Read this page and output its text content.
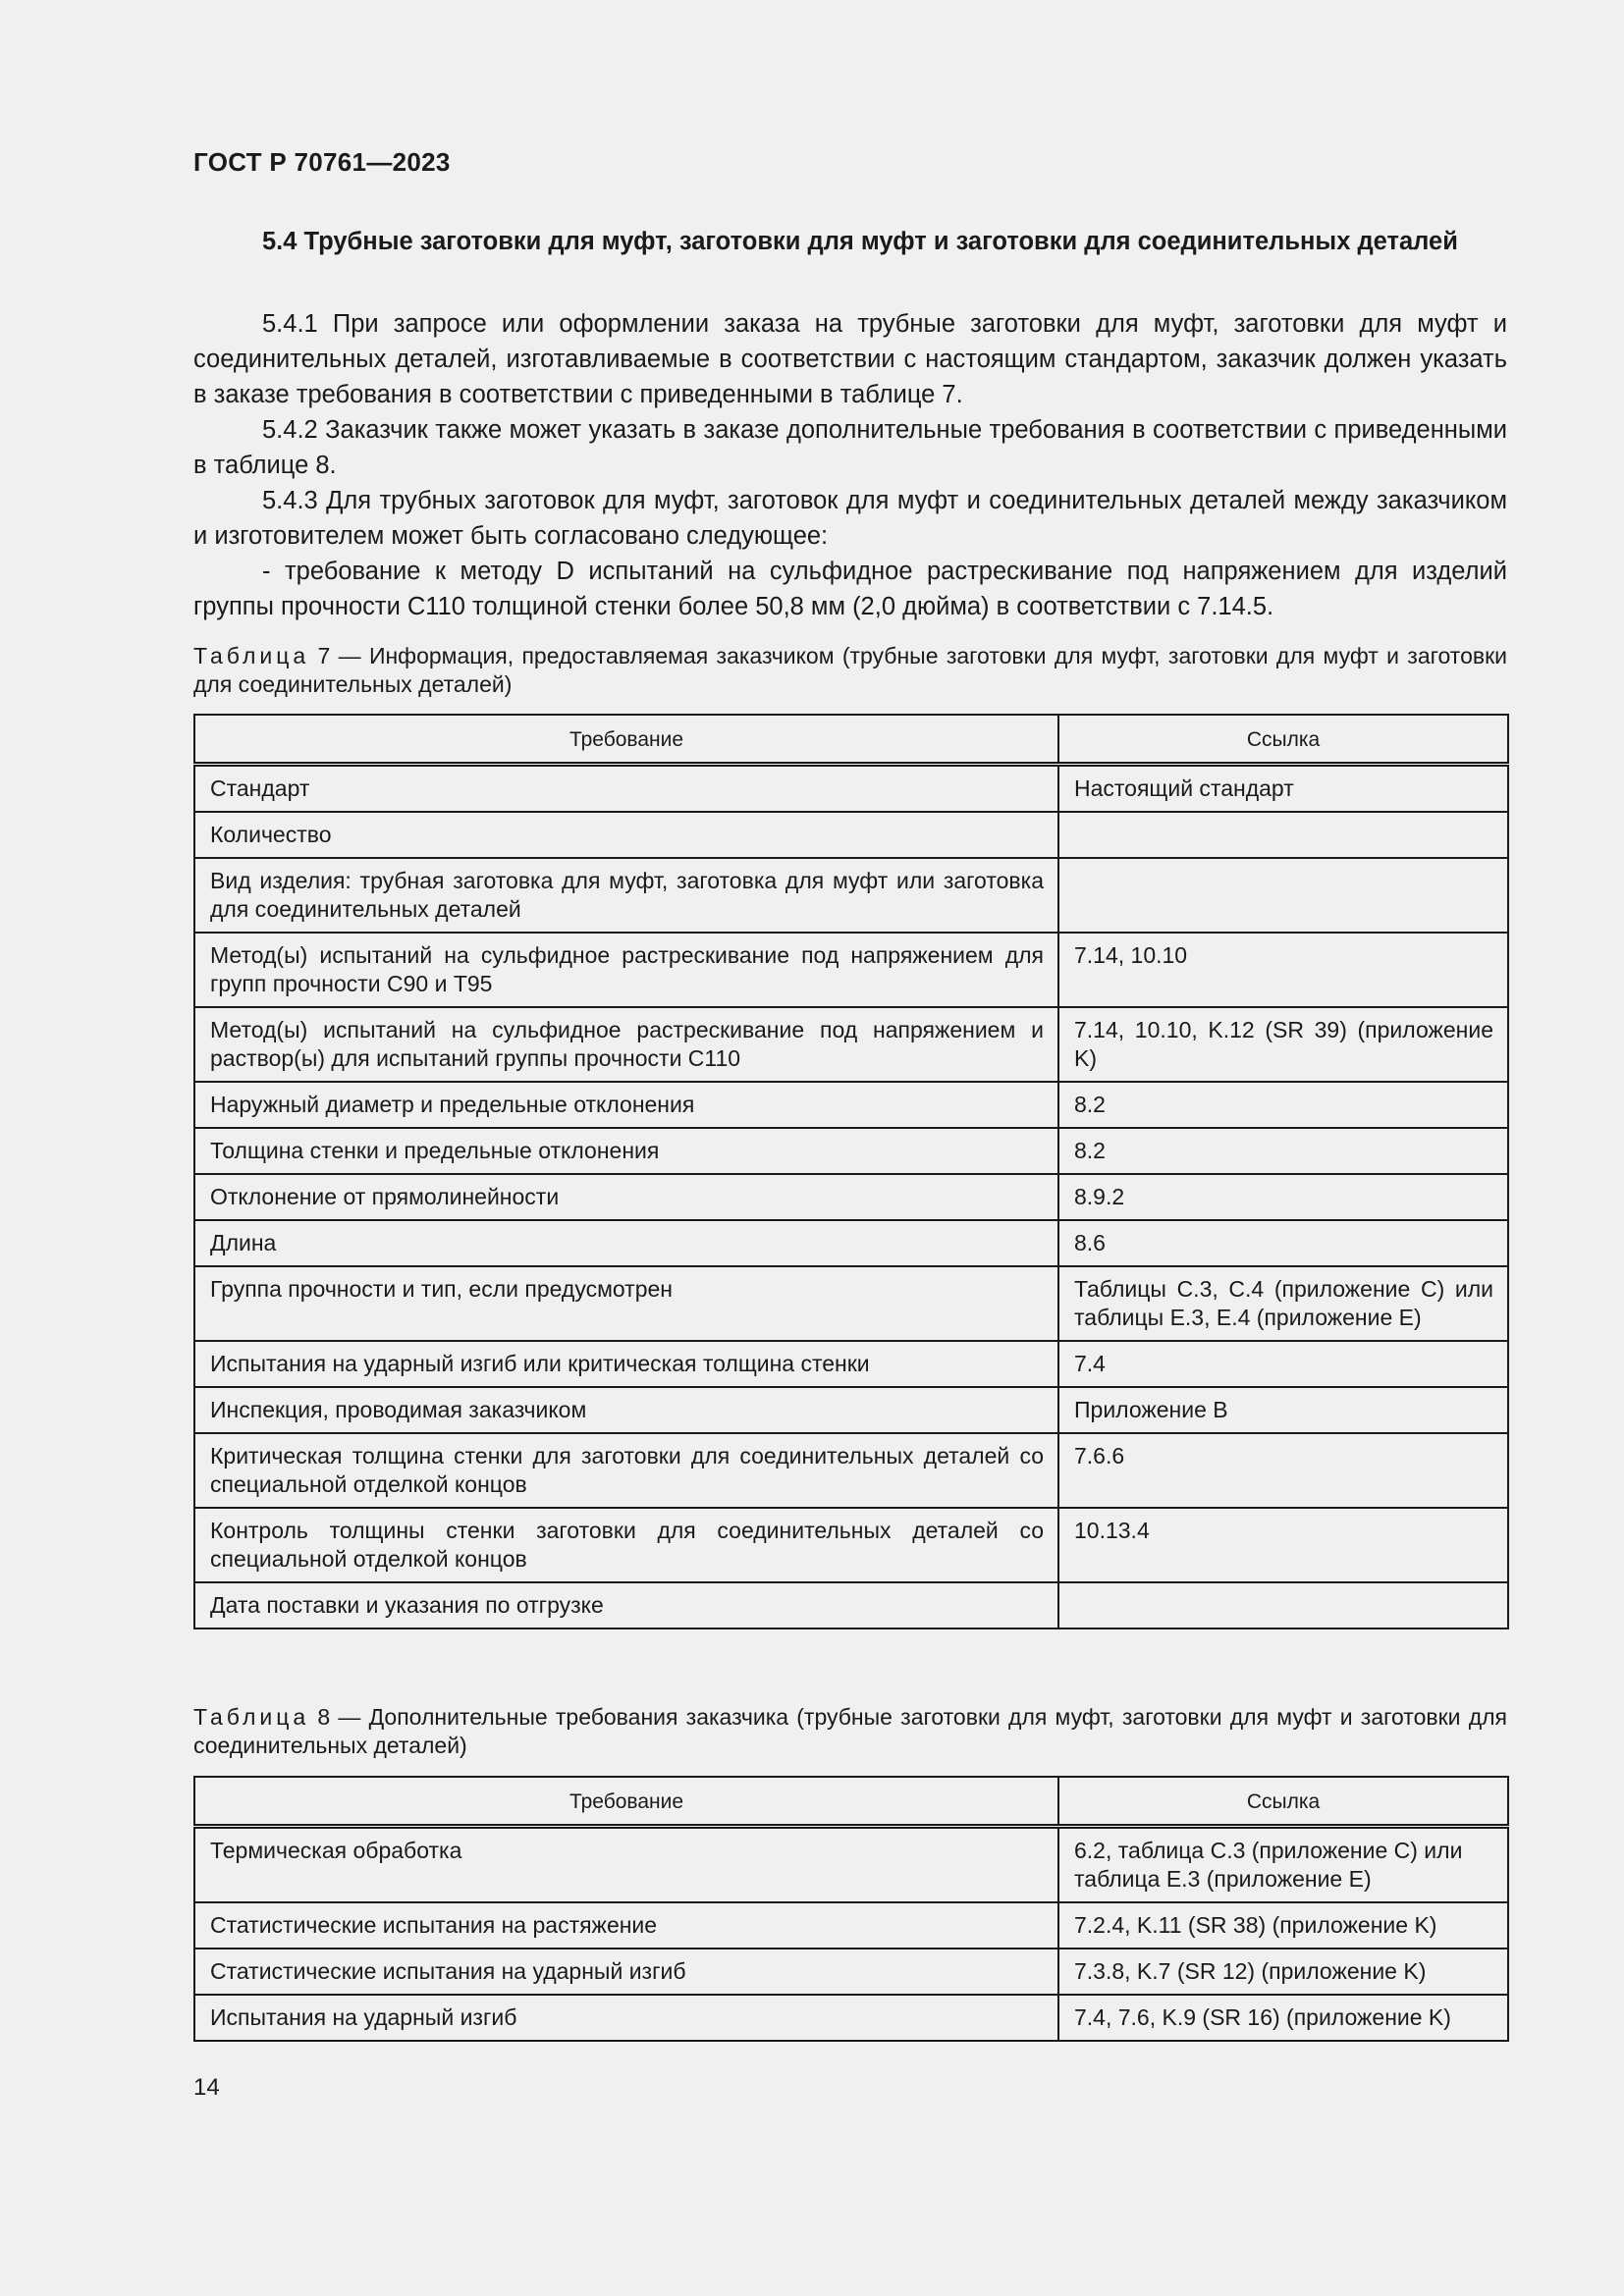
ГОСТ Р 70761—2023
5.4 Трубные заготовки для муфт, заготовки для муфт и заготовки для соединительных деталей

5.4.1 При запросе или оформлении заказа на трубные заготовки для муфт, заготовки для муфт и соединительных деталей, изготавливаемые в соответствии с настоящим стандартом, заказчик должен указать в заказе требования в соответствии с приведенными в таблице 7.

5.4.2 Заказчик также может указать в заказе дополнительные требования в соответствии с приведенными в таблице 8.

5.4.3 Для трубных заготовок для муфт, заготовок для муфт и соединительных деталей между заказчиком и изготовителем может быть согласовано следующее:

- требование к методу D испытаний на сульфидное растрескивание под напряжением для изделий группы прочности C110 толщиной стенки более 50,8 мм (2,0 дюйма) в соответствии с 7.14.5.

Таблица 7 — Информация, предоставляемая заказчиком (трубные заготовки для муфт, заготовки для муфт и заготовки для соединительных деталей)
Требование	Ссылка
Стандарт	Настоящий стандарт
Количество	
Вид изделия: трубная заготовка для муфт, заготовка для муфт или заготовка для соединительных деталей	
Метод(ы) испытаний на сульфидное растрескивание под напряжением для групп прочности C90 и T95	7.14, 10.10
Метод(ы) испытаний на сульфидное растрескивание под напряжением и раствор(ы) для испытаний группы прочности C110	7.14, 10.10, K.12 (SR 39) (приложение K)
Наружный диаметр и предельные отклонения	8.2
Толщина стенки и предельные отклонения	8.2
Отклонение от прямолинейности	8.9.2
Длина	8.6
Группа прочности и тип, если предусмотрен	Таблицы C.3, C.4 (приложение C) или таблицы E.3, E.4 (приложение E)
Испытания на ударный изгиб или критическая толщина стенки	7.4
Инспекция, проводимая заказчиком	Приложение B
Критическая толщина стенки для заготовки для соединительных деталей со специальной отделкой концов	7.6.6
Контроль толщины стенки заготовки для соединительных деталей со специальной отделкой концов	10.13.4
Дата поставки и указания по отгрузке	
Таблица 8 — Дополнительные требования заказчика (трубные заготовки для муфт, заготовки для муфт и заготовки для соединительных деталей)
Требование	Ссылка
Термическая обработка	6.2, таблица C.3 (приложение C) или таблица E.3 (приложение E)
Статистические испытания на растяжение	7.2.4, K.11 (SR 38) (приложение K)
Статистические испытания на ударный изгиб	7.3.8, K.7 (SR 12) (приложение K)
Испытания на ударный изгиб	7.4, 7.6, K.9 (SR 16) (приложение K)
14
